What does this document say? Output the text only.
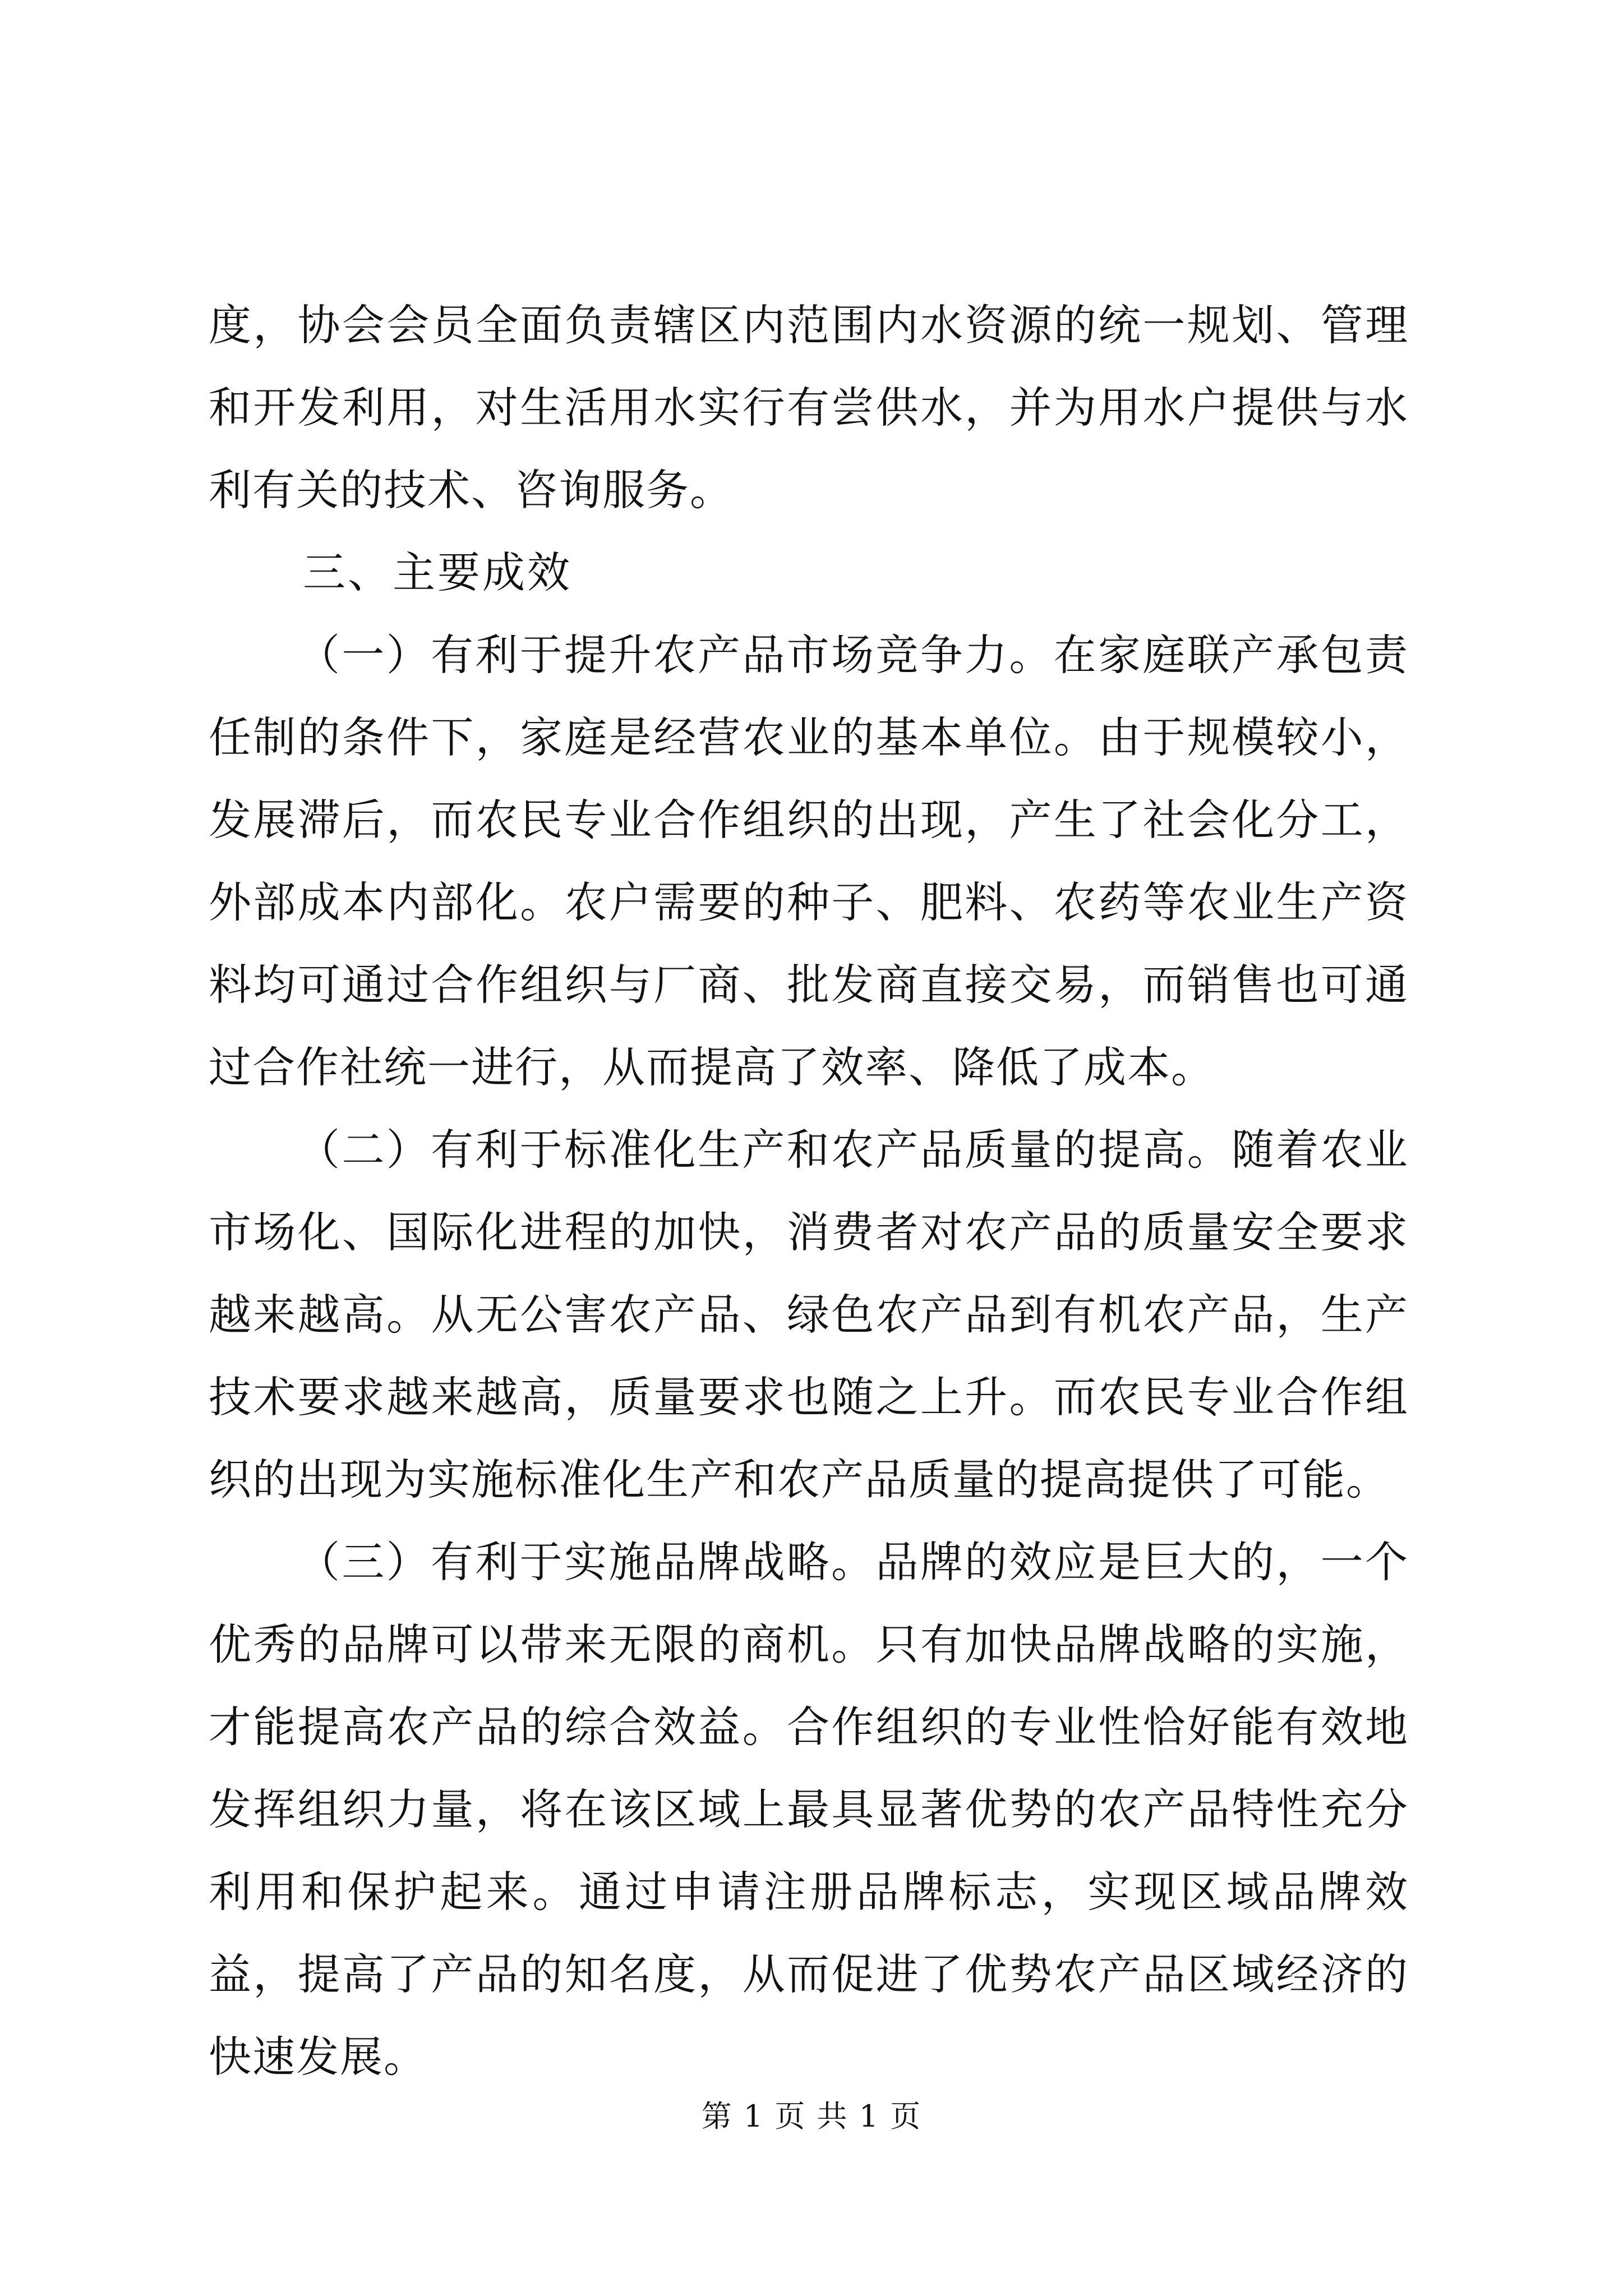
度，协会会员全面负责辖区内范围内水资源的统一规划、管理和开发利用，对生活用水实行有尝供水，并为用水户提供与水利有关的技术、咨询服务。

三、主要成效

（一）有利于提升农产品市场竞争力。在家庭联产承包责任制的条件下，家庭是经营农业的基本单位。由于规模较小，发展滞后，而农民专业合作组织的出现，产生了社会化分工，外部成本内部化。农户需要的种子、肥料、农药等农业生产资料均可通过合作组织与厂商、批发商直接交易，而销售也可通过合作社统一进行，从而提高了效率、降低了成本。

（二）有利于标准化生产和农产品质量的提高。随着农业市场化、国际化进程的加快，消费者对农产品的质量安全要求越来越高。从无公害农产品、绿色农产品到有机农产品，生产技术要求越来越高，质量要求也随之上升。而农民专业合作组织的出现为实施标准化生产和农产品质量的提高提供了可能。

（三）有利于实施品牌战略。品牌的效应是巨大的，一个优秀的品牌可以带来无限的商机。只有加快品牌战略的实施，才能提高农产品的综合效益。合作组织的专业性恰好能有效地发挥组织力量，将在该区域上最具显著优势的农产品特性充分利用和保护起来。通过申请注册品牌标志，实现区域品牌效益，提高了产品的知名度，从而促进了优势农产品区域经济的快速发展。

第 1 页 共 1 页
